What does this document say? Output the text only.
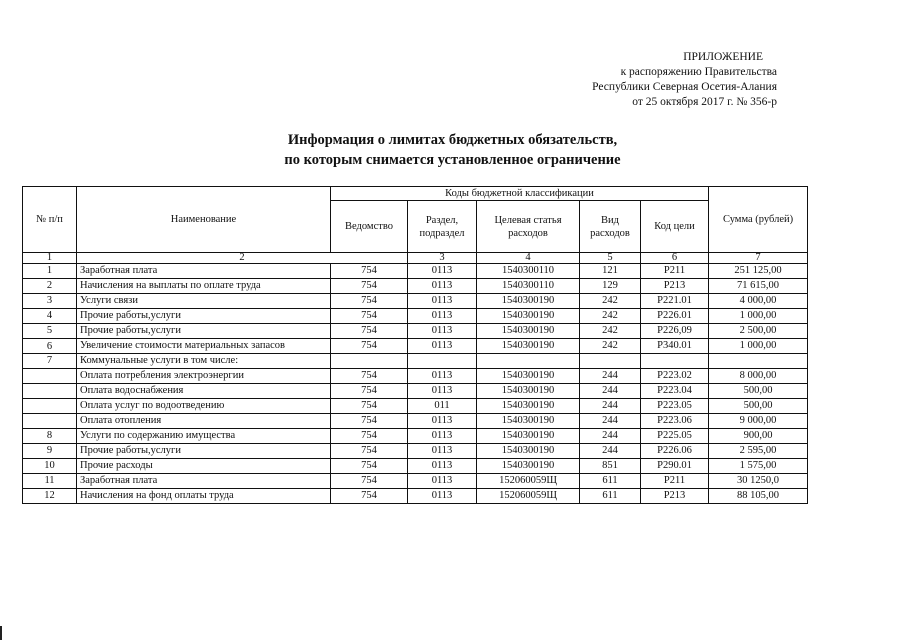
ПРИЛОЖЕНИЕ
к распоряжению Правительства
Республики Северная Осетия-Алания
от 25 октября 2017 г. № 356-р
Информация о лимитах бюджетных обязательств,
по которым снимается установленное ограничение
№ п/п	Наименование	Коды бюджетной классификации					Сумма (рублей)
		Ведомство	Раздел, подраздел	Целевая статья расходов	Вид расходов	Код цели	
1	2		3	4	5	6	7
1	Заработная плата	754	0113	1540300110	121	P211	251 125,00
2	Начисления на выплаты по оплате труда	754	0113	1540300110	129	P213	71 615,00
3	Услуги связи	754	0113	1540300190	242	P221.01	4 000,00
4	Прочие работы,услуги	754	0113	1540300190	242	P226.01	1 000,00
5	Прочие работы,услуги	754	0113	1540300190	242	P226,09	2 500,00
6	Увеличение стоимости материальных запасов	754	0113	1540300190	242	P340.01	1 000,00
7	Коммунальные услуги в том числе:						
	Оплата потребления электроэнергии	754	0113	1540300190	244	P223.02	8 000,00
	Оплата водоснабжения	754	0113	1540300190	244	P223.04	500,00
	Оплата услуг по водоотведению	754	011	1540300190	244	P223.05	500,00
	Оплата отопления	754	0113	1540300190	244	P223.06	9 000,00
8	Услуги по содержанию имущества	754	0113	1540300190	244	P225.05	900,00
9	Прочие работы,услуги	754	0113	1540300190	244	P226.06	2 595,00
10	Прочие расходы	754	0113	1540300190	851	P290.01	1 575,00
11	Заработная плата	754	0113	152060059Щ	611	P211	30 1250,0
12	Начисления на фонд оплаты труда	754	0113	152060059Щ	611	P213	88 105,00
